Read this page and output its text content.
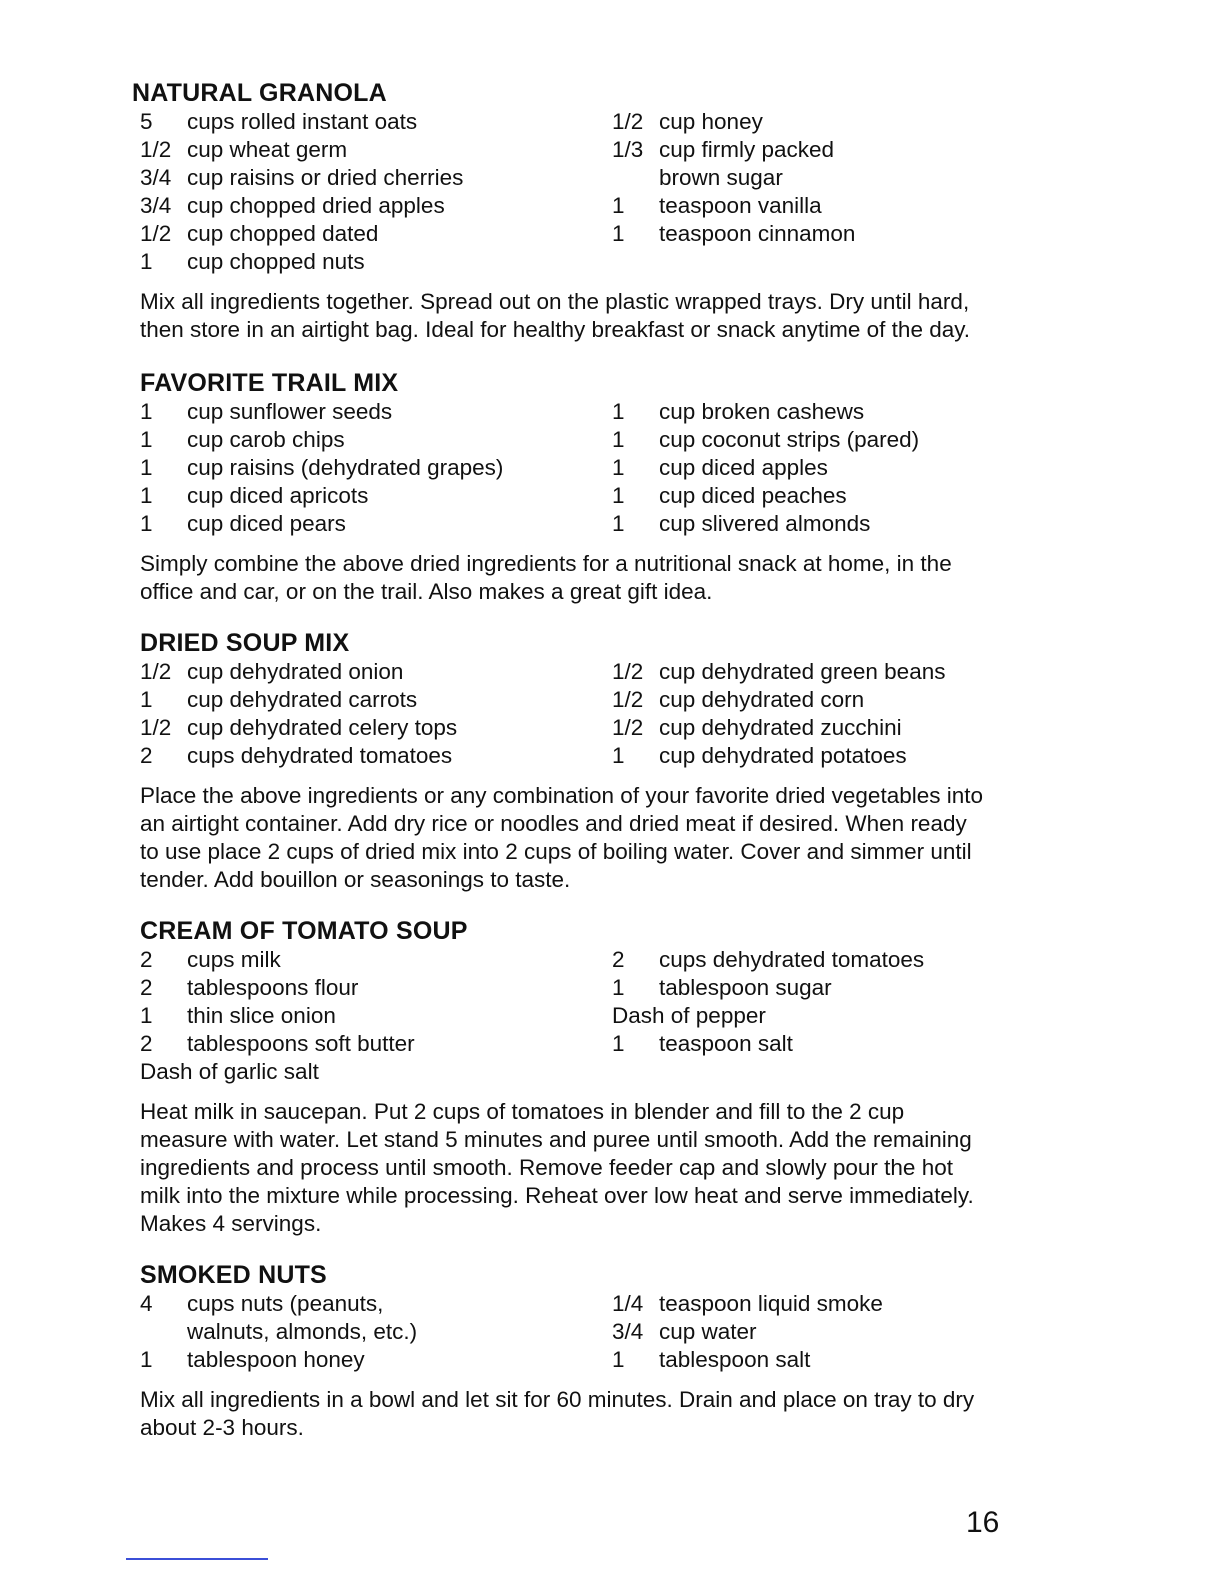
NATURAL GRANOLA
5	cups rolled instant oats
1/2 cup wheat germ
3/4 cup raisins or dried cherries
3/4 cup chopped dried apples
1/2 cup chopped dated
1	cup chopped nuts
1/2 cup honey
1/3 cup firmly packed
brown sugar
1	teaspoon vanilla
1	teaspoon cinnamon
Mix all ingredients together. Spread out on the plastic wrapped trays. Dry until hard, then store in an airtight bag. Ideal for healthy breakfast or snack anytime of the day.
FAVORITE TRAIL MIX
1	cup sunflower seeds
1	cup carob chips
1	cup raisins (dehydrated grapes)
1	cup diced apricots
1	cup diced pears
1	cup broken cashews
1	cup coconut strips (pared)
1	cup diced apples
1	cup diced peaches
1	cup slivered almonds
Simply combine the above dried ingredients for a nutritional snack at home, in the office and car, or on the trail. Also makes a great gift idea.
DRIED SOUP MIX
1/2 cup dehydrated onion
1	cup dehydrated carrots
1/2 cup dehydrated celery tops
2	cups dehydrated tomatoes
1/2 cup dehydrated green beans
1/2 cup dehydrated corn
1/2 cup dehydrated zucchini
1	cup dehydrated potatoes
Place the above ingredients or any combination of your favorite dried vegetables into an airtight container. Add dry rice or noodles and dried meat if desired. When ready to use place 2 cups of dried mix into 2 cups of boiling water. Cover and simmer until tender. Add bouillon or seasonings to taste.
CREAM OF TOMATO SOUP
2	cups milk
2	tablespoons flour
1	thin slice onion
2	tablespoons soft butter
Dash of garlic salt
2	cups dehydrated tomatoes
1	tablespoon sugar
Dash of pepper
1	teaspoon salt
Heat milk in saucepan. Put 2 cups of tomatoes in blender and fill to the 2 cup measure with water. Let stand 5 minutes and puree until smooth. Add the remaining ingredients and process until smooth. Remove feeder cap and slowly pour the hot milk into the mixture while processing. Reheat over low heat and serve immediately. Makes 4 servings.
SMOKED NUTS
4	cups nuts (peanuts,
walnuts, almonds, etc.)
1	tablespoon honey
1/4 teaspoon liquid smoke
3/4 cup water
1	tablespoon salt
Mix all ingredients in a bowl and let sit for 60 minutes. Drain and place on tray to dry about 2-3 hours.
16
